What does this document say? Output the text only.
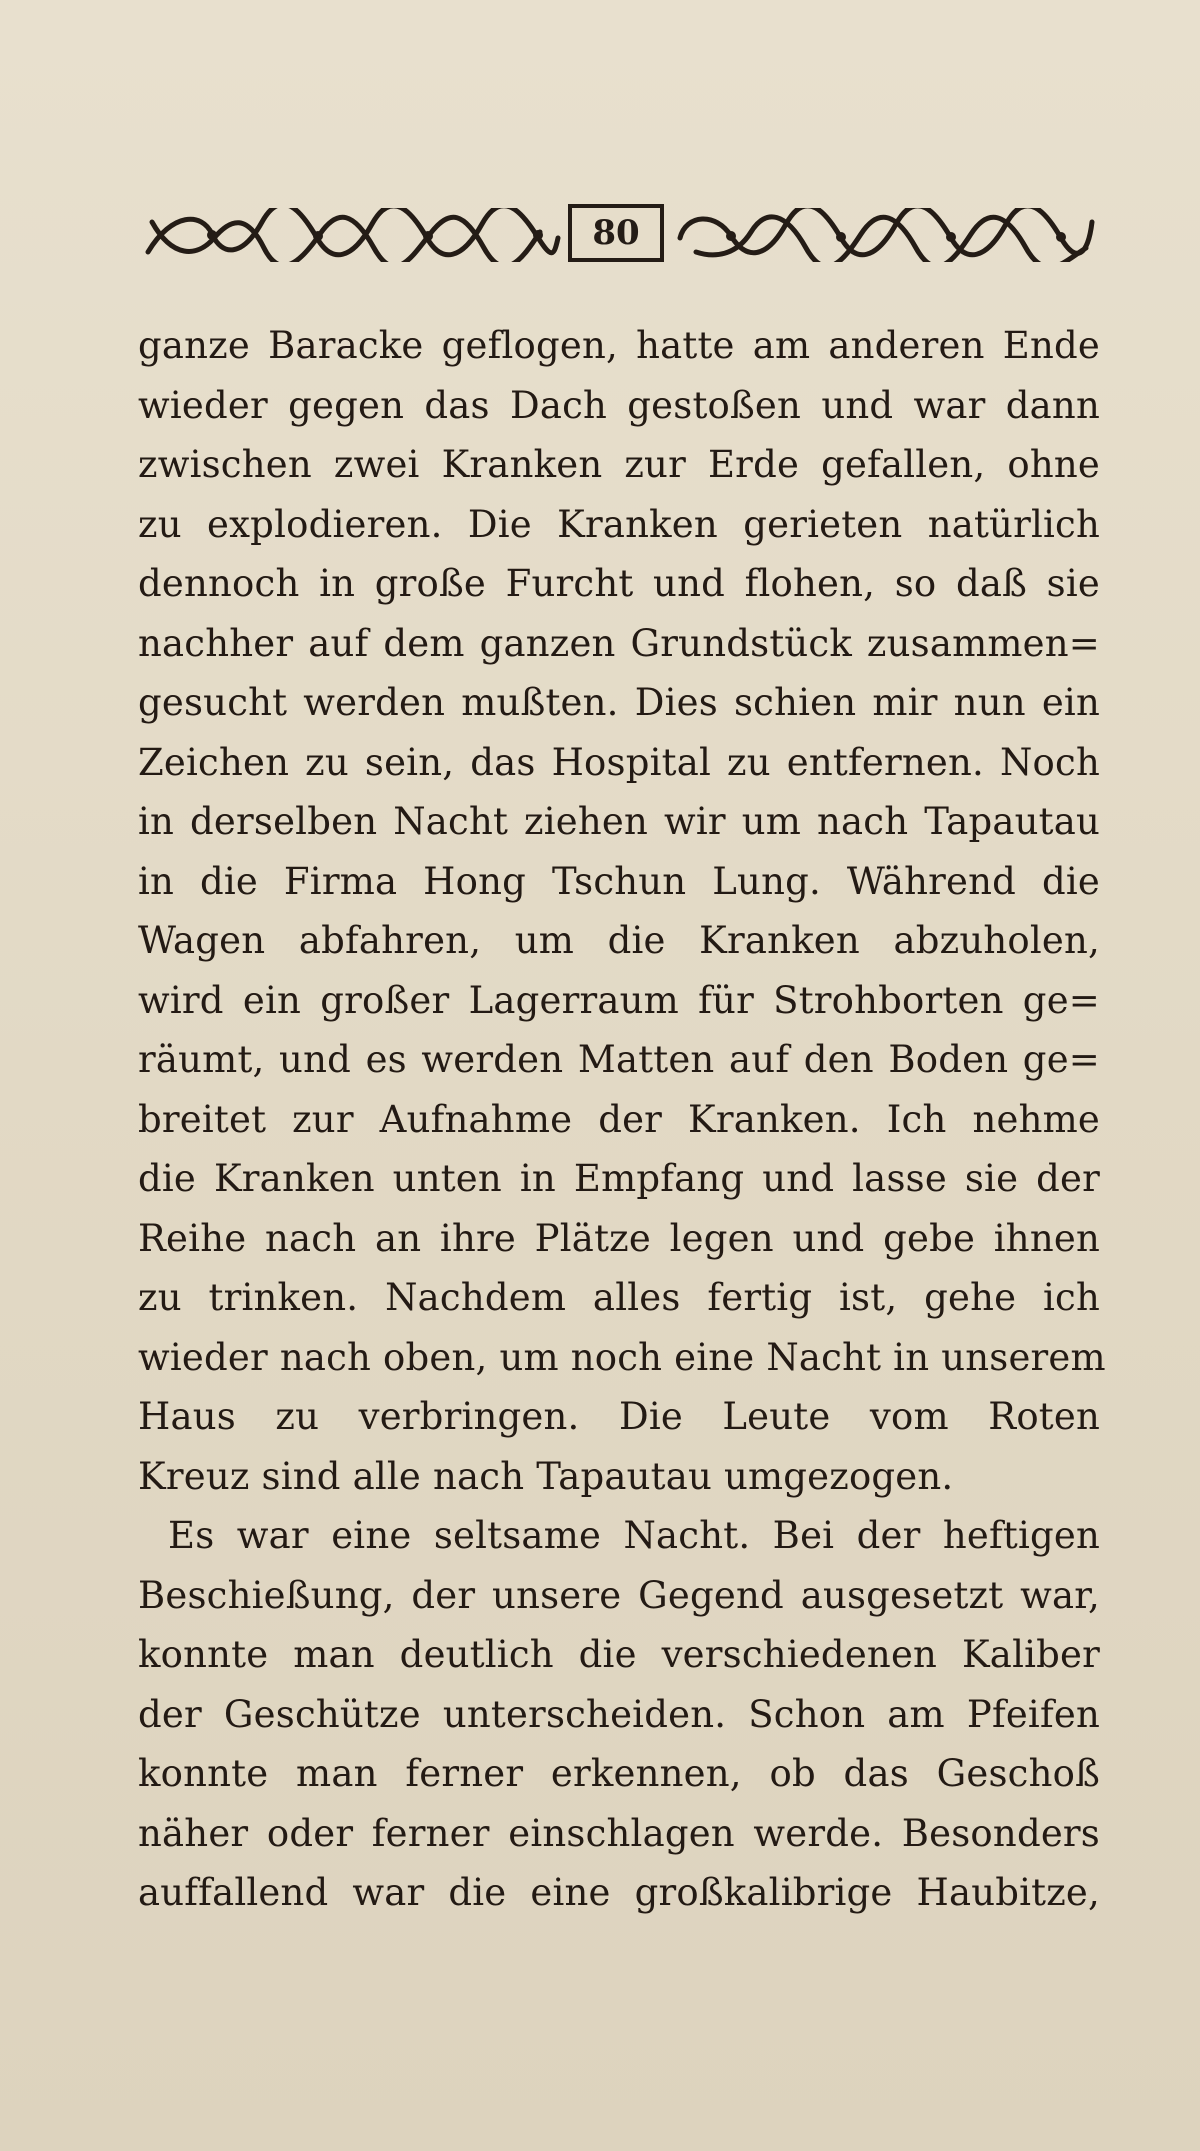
80
ganze Baracke geflogen, hatte am anderen Ende
wieder gegen das Dach gestoßen und war dann
zwischen zwei Kranken zur Erde gefallen, ohne
zu explodieren. Die Kranken gerieten natürlich
dennoch in große Furcht und flohen, so daß sie
nachher auf dem ganzen Grundstück zusammen=
gesucht werden mußten. Dies schien mir nun ein
Zeichen zu sein, das Hospital zu entfernen. Noch
in derselben Nacht ziehen wir um nach Tapautau
in die Firma Hong Tschun Lung. Während die
Wagen abfahren, um die Kranken abzuholen,
wird ein großer Lagerraum für Strohborten ge=
räumt, und es werden Matten auf den Boden ge=
breitet zur Aufnahme der Kranken. Ich nehme
die Kranken unten in Empfang und lasse sie der
Reihe nach an ihre Plätze legen und gebe ihnen
zu trinken. Nachdem alles fertig ist, gehe ich
wieder nach oben, um noch eine Nacht in unserem
Haus zu verbringen. Die Leute vom Roten
Kreuz sind alle nach Tapautau umgezogen.
Es war eine seltsame Nacht. Bei der heftigen
Beschießung, der unsere Gegend ausgesetzt war,
konnte man deutlich die verschiedenen Kaliber
der Geschütze unterscheiden. Schon am Pfeifen
konnte man ferner erkennen, ob das Geschoß
näher oder ferner einschlagen werde. Besonders
auffallend war die eine großkalibrige Haubitze,
